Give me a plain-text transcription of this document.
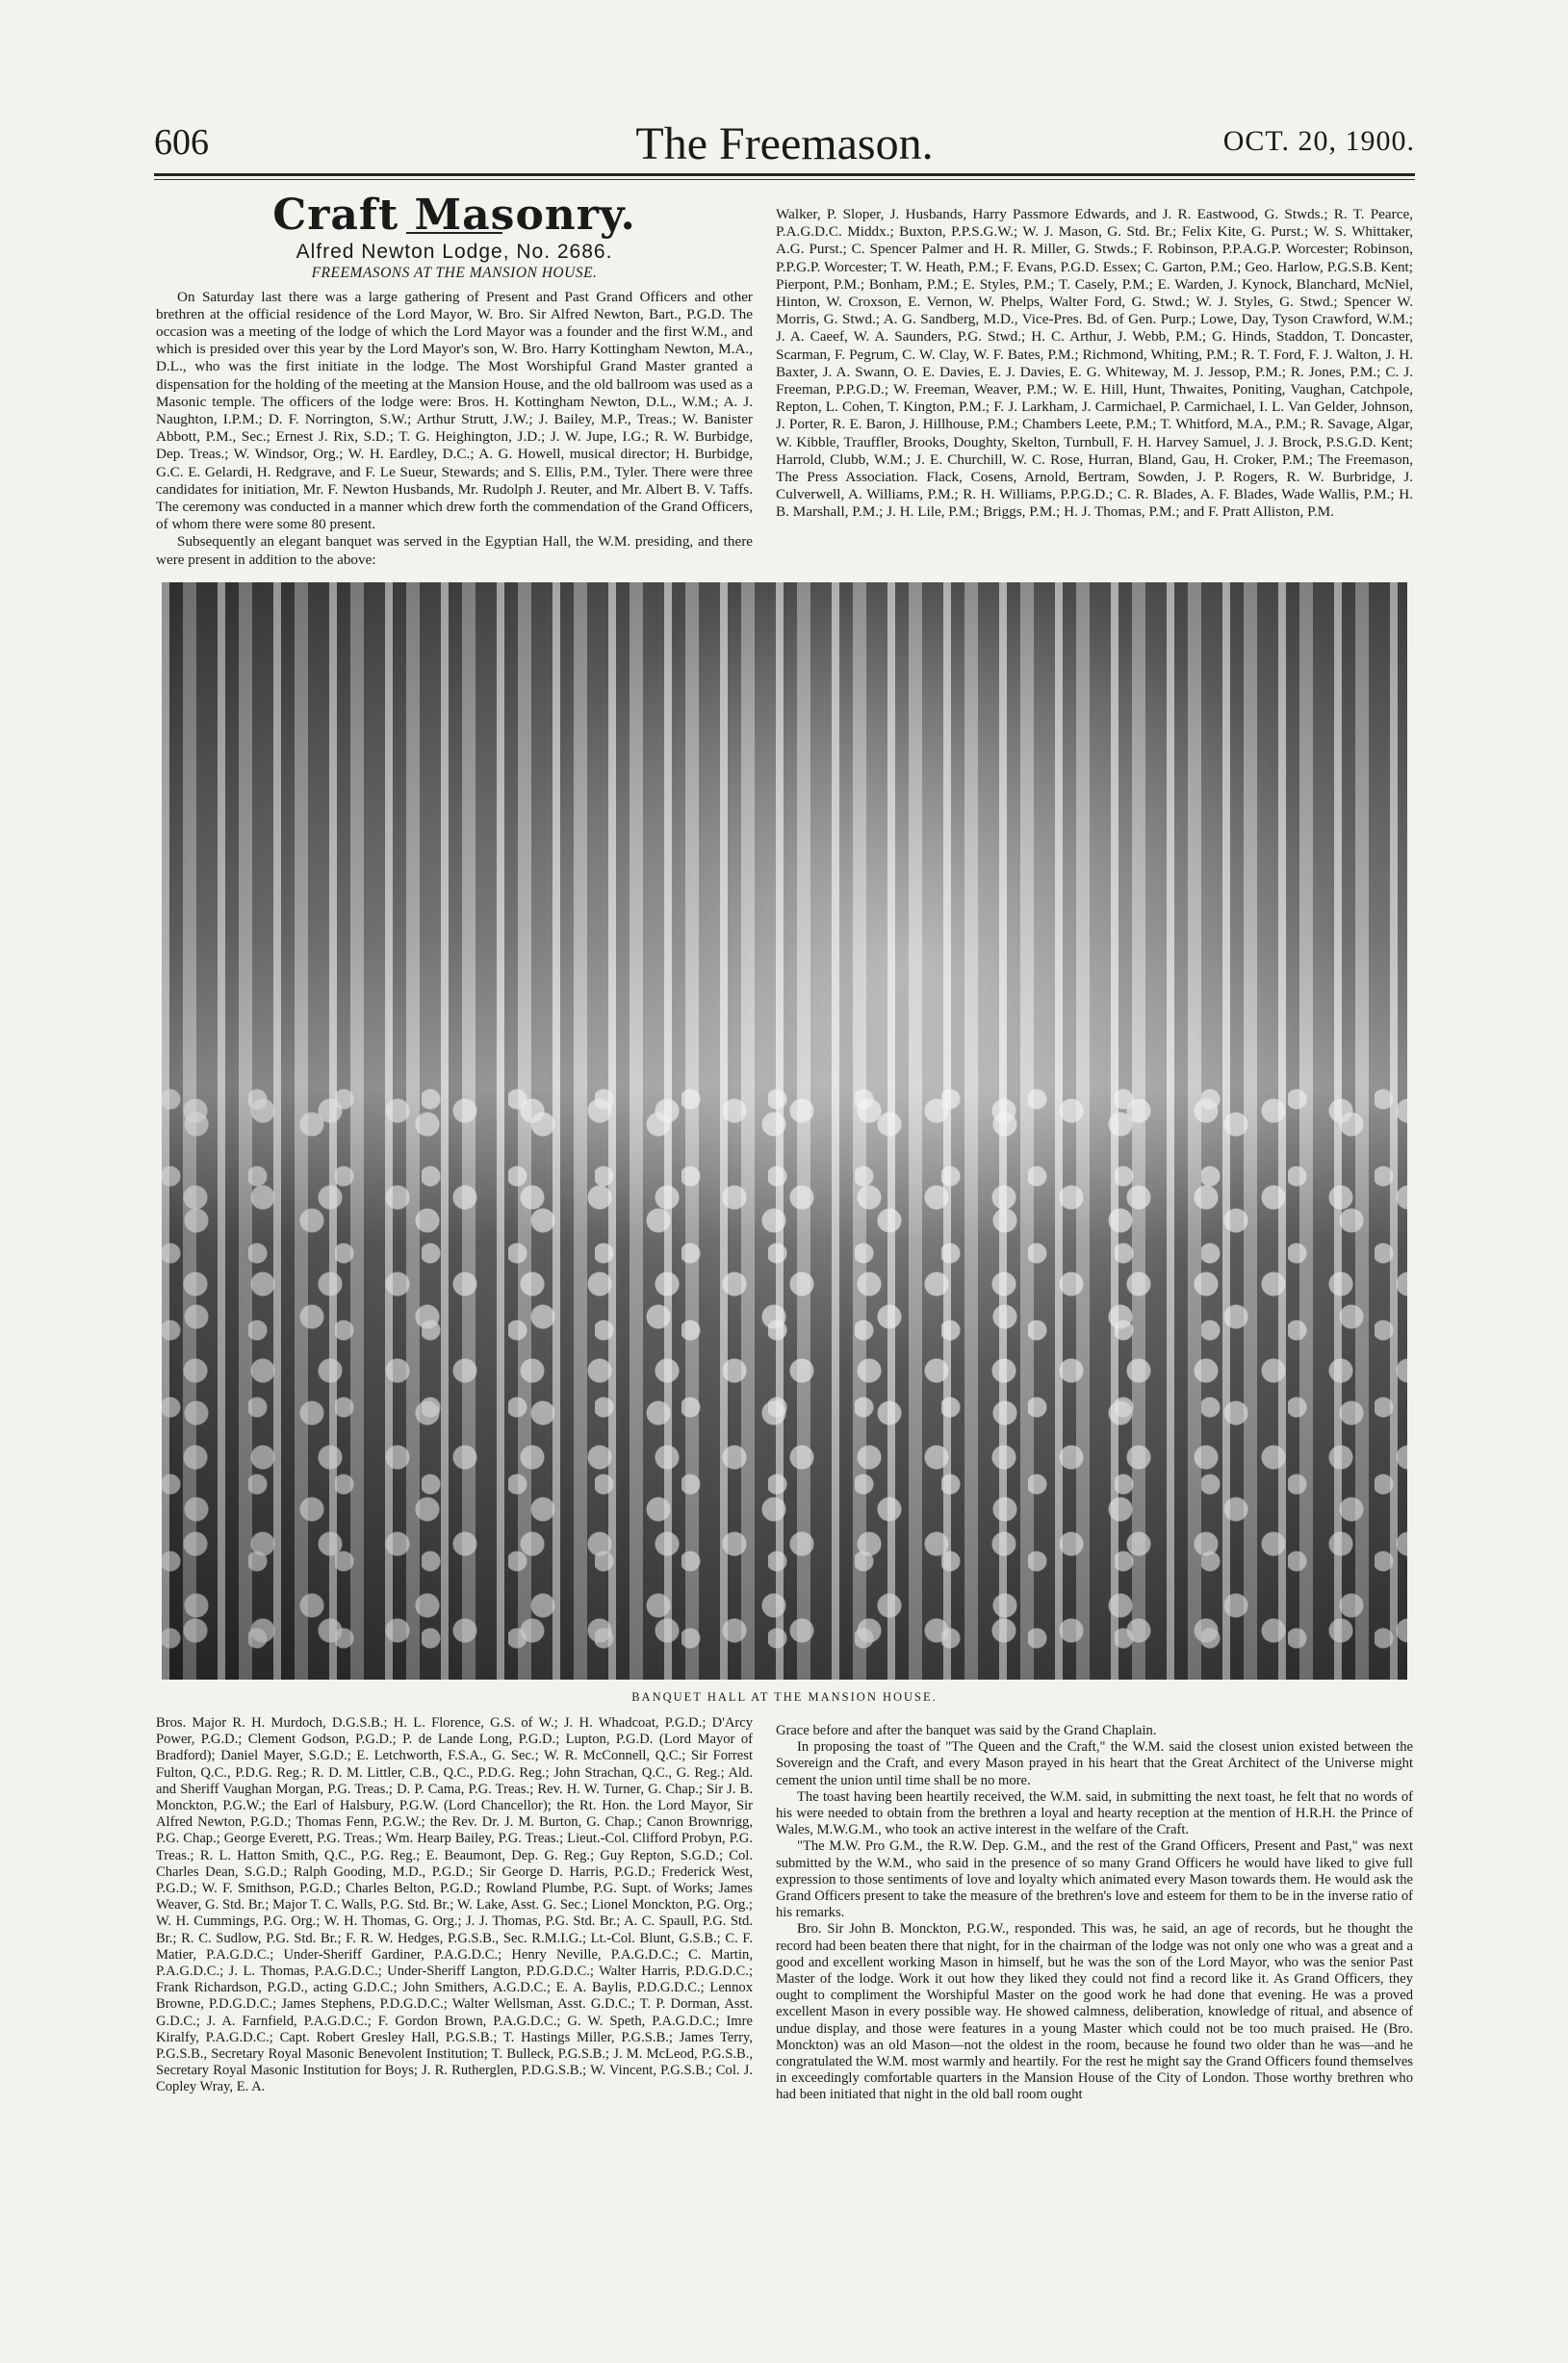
606	The Freemason.	OCT. 20, 1900.
Craft Masonry.
Alfred Newton Lodge, No. 2686.
FREEMASONS AT THE MANSION HOUSE.

On Saturday last there was a large gathering of Present and Past Grand Officers and other brethren at the official residence of the Lord Mayor, W. Bro. Sir Alfred Newton, Bart., P.G.D. The occasion was a meeting of the lodge of which the Lord Mayor was a founder and the first W.M., and which is presided over this year by the Lord Mayor's son, W. Bro. Harry Kottingham Newton, M.A., D.L., who was the first initiate in the lodge. The Most Worshipful Grand Master granted a dispensation for the holding of the meeting at the Mansion House, and the old ballroom was used as a Masonic temple. The officers of the lodge were: Bros. H. Kottingham Newton, D.L., W.M.; A. J. Naughton, I.P.M.; D. F. Norrington, S.W.; Arthur Strutt, J.W.; J. Bailey, M.P., Treas.; W. Banister Abbott, P.M., Sec.; Ernest J. Rix, S.D.; T. G. Heighington, J.D.; J. W. Jupe, I.G.; R. W. Burbidge, Dep. Treas.; W. Windsor, Org.; W. H. Eardley, D.C.; A. G. Howell, musical director; H. Burbidge, G.C. E. Gelardi, H. Redgrave, and F. Le Sueur, Stewards; and S. Ellis, P.M., Tyler. There were three candidates for initiation, Mr. F. Newton Husbands, Mr. Rudolph J. Reuter, and Mr. Albert B. V. Taffs. The ceremony was conducted in a manner which drew forth the commendation of the Grand Officers, of whom there were some 80 present.

Subsequently an elegant banquet was served in the Egyptian Hall, the W.M. presiding, and there were present in addition to the above:

Walker, P. Sloper, J. Husbands, Harry Passmore Edwards, and J. R. Eastwood, G. Stwds.; R. T. Pearce, P.A.G.D.C. Middx.; Buxton, P.P.S.G.W.; W. J. Mason, G. Std. Br.; Felix Kite, G. Purst.; W. S. Whittaker, A.G. Purst.; C. Spencer Palmer and H. R. Miller, G. Stwds.; F. Robinson, P.P.A.G.P. Worcester; Robinson, P.P.G.P. Worcester; T. W. Heath, P.M.; F. Evans, P.G.D. Essex; C. Garton, P.M.; Geo. Harlow, P.G.S.B. Kent; Pierpont, P.M.; Bonham, P.M.; E. Styles, P.M.; T. Casely, P.M.; E. Warden, J. Kynock, Blanchard, McNiel, Hinton, W. Croxson, E. Vernon, W. Phelps, Walter Ford, G. Stwd.; W. J. Styles, G. Stwd.; Spencer W. Morris, G. Stwd.; A. G. Sandberg, M.D., Vice-Pres. Bd. of Gen. Purp.; Lowe, Day, Tyson Crawford, W.M.; J. A. Caeef, W. A. Saunders, P.G. Stwd.; H. C. Arthur, J. Webb, P.M.; G. Hinds, Staddon, T. Doncaster, Scarman, F. Pegrum, C. W. Clay, W. F. Bates, P.M.; Richmond, Whiting, P.M.; R. T. Ford, F. J. Walton, J. H. Baxter, J. A. Swann, O. E. Davies, E. J. Davies, E. G. Whiteway, M. J. Jessop, P.M.; R. Jones, P.M.; C. J. Freeman, P.P.G.D.; W. Freeman, Weaver, P.M.; W. E. Hill, Hunt, Thwaites, Poniting, Vaughan, Catchpole, Repton, L. Cohen, T. Kington, P.M.; F. J. Larkham, J. Carmichael, P. Carmichael, I. L. Van Gelder, Johnson, J. Porter, R. E. Baron, J. Hillhouse, P.M.; Chambers Leete, P.M.; T. Whitford, M.A., P.M.; R. Savage, Algar, W. Kibble, Trauffler, Brooks, Doughty, Skelton, Turnbull, F. H. Harvey Samuel, J. J. Brock, P.S.G.D. Kent; Harrold, Clubb, W.M.; J. E. Churchill, W. C. Rose, Hurran, Bland, Gau, H. Croker, P.M.; The Freemason, The Press Association. Flack, Cosens, Arnold, Bertram, Sowden, J. P. Rogers, R. W. Burbridge, J. Culverwell, A. Williams, P.M.; R. H. Williams, P.P.G.D.; C. R. Blades, A. F. Blades, Wade Wallis, P.M.; H. B. Marshall, P.M.; J. H. Lile, P.M.; Briggs, P.M.; H. J. Thomas, P.M.; and F. Pratt Alliston, P.M.

BANQUET HALL AT THE MANSION HOUSE.

Bros. Major R. H. Murdoch, D.G.S.B.; H. L. Florence, G.S. of W.; J. H. Whadcoat, P.G.D.; D'Arcy Power, P.G.D.; Clement Godson, P.G.D.; P. de Lande Long, P.G.D.; Lupton, P.G.D. (Lord Mayor of Bradford); Daniel Mayer, S.G.D.; E. Letchworth, F.S.A., G. Sec.; W. R. McConnell, Q.C.; Sir Forrest Fulton, Q.C., P.D.G. Reg.; R. D. M. Littler, C.B., Q.C., P.D.G. Reg.; John Strachan, Q.C., G. Reg.; Ald. and Sheriff Vaughan Morgan, P.G. Treas.; D. P. Cama, P.G. Treas.; Rev. H. W. Turner, G. Chap.; Sir J. B. Monckton, P.G.W.; the Earl of Halsbury, P.G.W. (Lord Chancellor); the Rt. Hon. the Lord Mayor, Sir Alfred Newton, P.G.D.; Thomas Fenn, P.G.W.; the Rev. Dr. J. M. Burton, G. Chap.; Canon Brownrigg, P.G. Chap.; George Everett, P.G. Treas.; Wm. Hearp Bailey, P.G. Treas.; Lieut.-Col. Clifford Probyn, P.G. Treas.; R. L. Hatton Smith, Q.C., P.G. Reg.; E. Beaumont, Dep. G. Reg.; Guy Repton, S.G.D.; Col. Charles Dean, S.G.D.; Ralph Gooding, M.D., P.G.D.; Sir George D. Harris, P.G.D.; Frederick West, P.G.D.; W. F. Smithson, P.G.D.; Charles Belton, P.G.D.; Rowland Plumbe, P.G. Supt. of Works; James Weaver, G. Std. Br.; Major T. C. Walls, P.G. Std. Br.; W. Lake, Asst. G. Sec.; Lionel Monckton, P.G. Org.; W. H. Cummings, P.G. Org.; W. H. Thomas, G. Org.; J. J. Thomas, P.G. Std. Br.; A. C. Spaull, P.G. Std. Br.; R. C. Sudlow, P.G. Std. Br.; F. R. W. Hedges, P.G.S.B., Sec. R.M.I.G.; Lt.-Col. Blunt, G.S.B.; C. F. Matier, P.A.G.D.C.; Under-Sheriff Gardiner, P.A.G.D.C.; Henry Neville, P.A.G.D.C.; C. Martin, P.A.G.D.C.; J. L. Thomas, P.A.G.D.C.; Under-Sheriff Langton, P.D.G.D.C.; Walter Harris, P.D.G.D.C.; Frank Richardson, P.G.D., acting G.D.C.; John Smithers, A.G.D.C.; E. A. Baylis, P.D.G.D.C.; Lennox Browne, P.D.G.D.C.; James Stephens, P.D.G.D.C.; Walter Wellsman, Asst. G.D.C.; T. P. Dorman, Asst. G.D.C.; J. A. Farnfield, P.A.G.D.C.; F. Gordon Brown, P.A.G.D.C.; G. W. Speth, P.A.G.D.C.; Imre Kiralfy, P.A.G.D.C.; Capt. Robert Gresley Hall, P.G.S.B.; T. Hastings Miller, P.G.S.B.; James Terry, P.G.S.B., Secretary Royal Masonic Benevolent Institution; T. Bulleck, P.G.S.B.; J. M. McLeod, P.G.S.B., Secretary Royal Masonic Institution for Boys; J. R. Rutherglen, P.D.G.S.B.; W. Vincent, P.G.S.B.; Col. J. Copley Wray, E. A.

Grace before and after the banquet was said by the Grand Chaplain.

In proposing the toast of "The Queen and the Craft," the W.M. said the closest union existed between the Sovereign and the Craft, and every Mason prayed in his heart that the Great Architect of the Universe might cement the union until time shall be no more.

The toast having been heartily received, the W.M. said, in submitting the next toast, he felt that no words of his were needed to obtain from the brethren a loyal and hearty reception at the mention of H.R.H. the Prince of Wales, M.W.G.M., who took an active interest in the welfare of the Craft.

"The M.W. Pro G.M., the R.W. Dep. G.M., and the rest of the Grand Officers, Present and Past," was next submitted by the W.M., who said in the presence of so many Grand Officers he would have liked to give full expression to those sentiments of love and loyalty which animated every Mason towards them. He would ask the Grand Officers present to take the measure of the brethren's love and esteem for them to be in the inverse ratio of his remarks.

Bro. Sir John B. Monckton, P.G.W., responded. This was, he said, an age of records, but he thought the record had been beaten there that night, for in the chairman of the lodge was not only one who was a great and a good and excellent working Mason in himself, but he was the son of the Lord Mayor, who was the senior Past Master of the lodge. Work it out how they liked they could not find a record like it. As Grand Officers, they ought to compliment the Worshipful Master on the good work he had done that evening. He was a proved excellent Mason in every possible way. He showed calmness, deliberation, knowledge of ritual, and absence of undue display, and those were features in a young Master which could not be too much praised. He (Bro. Monckton) was an old Mason—not the oldest in the room, because he found two older than he was—and he congratulated the W.M. most warmly and heartily. For the rest he might say the Grand Officers found themselves in exceedingly comfortable quarters in the Mansion House of the City of London. Those worthy brethren who had been initiated that night in the old ball room ought
